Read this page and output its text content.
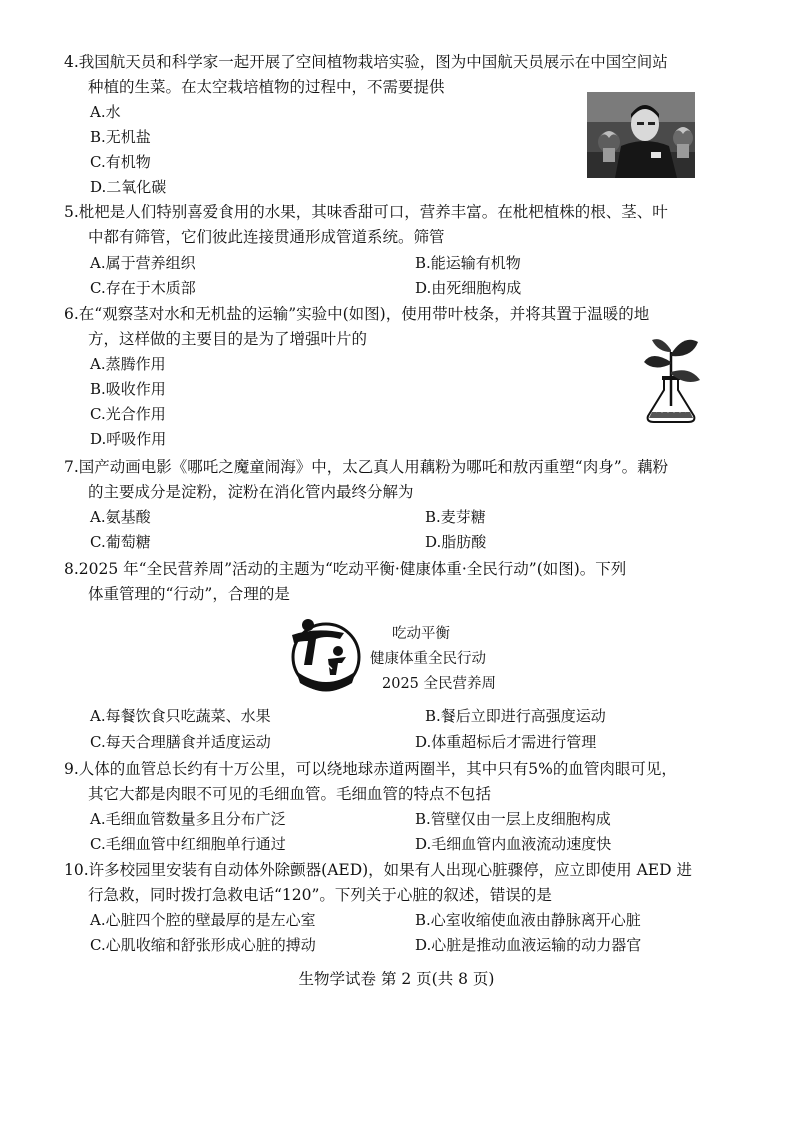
4.我国航天员和科学家一起开展了空间植物栽培实验，图为中国航天员展示在中国空间站
种植的生菜。在太空栽培植物的过程中，不需要提供
A.水
B.无机盐
C.有机物
D.二氧化碳
5.枇杷是人们特别喜爱食用的水果，其味香甜可口，营养丰富。在枇杷植株的根、茎、叶
中都有筛管，它们彼此连接贯通形成管道系统。筛管
A.属于营养组织	B.能运输有机物
C.存在于木质部	D.由死细胞构成
6.在“观察茎对水和无机盐的运输”实验中(如图)，使用带叶枝条，并将其置于温暖的地
方，这样做的主要目的是为了增强叶片的
A.蒸腾作用
B.吸收作用
C.光合作用
D.呼吸作用
7.国产动画电影《哪吒之魔童闹海》中，太乙真人用藕粉为哪吒和敖丙重塑“肉身”。藕粉
的主要成分是淀粉，淀粉在消化管内最终分解为
A.氨基酸	B.麦芽糖
C.葡萄糖	D.脂肪酸
8.2025 年“全民营养周”活动的主题为“吃动平衡·健康体重·全民行动”(如图)。下列
体重管理的“行动”，合理的是
吃动平衡
健康体重全民行动
2025 全民营养周
A.每餐饮食只吃蔬菜、水果	B.餐后立即进行高强度运动
C.每天合理膳食并适度运动	D.体重超标后才需进行管理
9.人体的血管总长约有十万公里，可以绕地球赤道两圈半，其中只有5%的血管肉眼可见，
其它大都是肉眼不可见的毛细血管。毛细血管的特点不包括
A.毛细血管数量多且分布广泛	B.管壁仅由一层上皮细胞构成
C.毛细血管中红细胞单行通过	D.毛细血管内血液流动速度快
10.许多校园里安装有自动体外除颤器(AED)，如果有人出现心脏骤停，应立即使用 AED 进
行急救，同时拨打急救电话“120”。下列关于心脏的叙述，错误的是
A.心脏四个腔的壁最厚的是左心室	B.心室收缩使血液由静脉离开心脏
C.心肌收缩和舒张形成心脏的搏动	D.心脏是推动血液运输的动力器官
生物学试卷 第 2 页(共 8 页)
